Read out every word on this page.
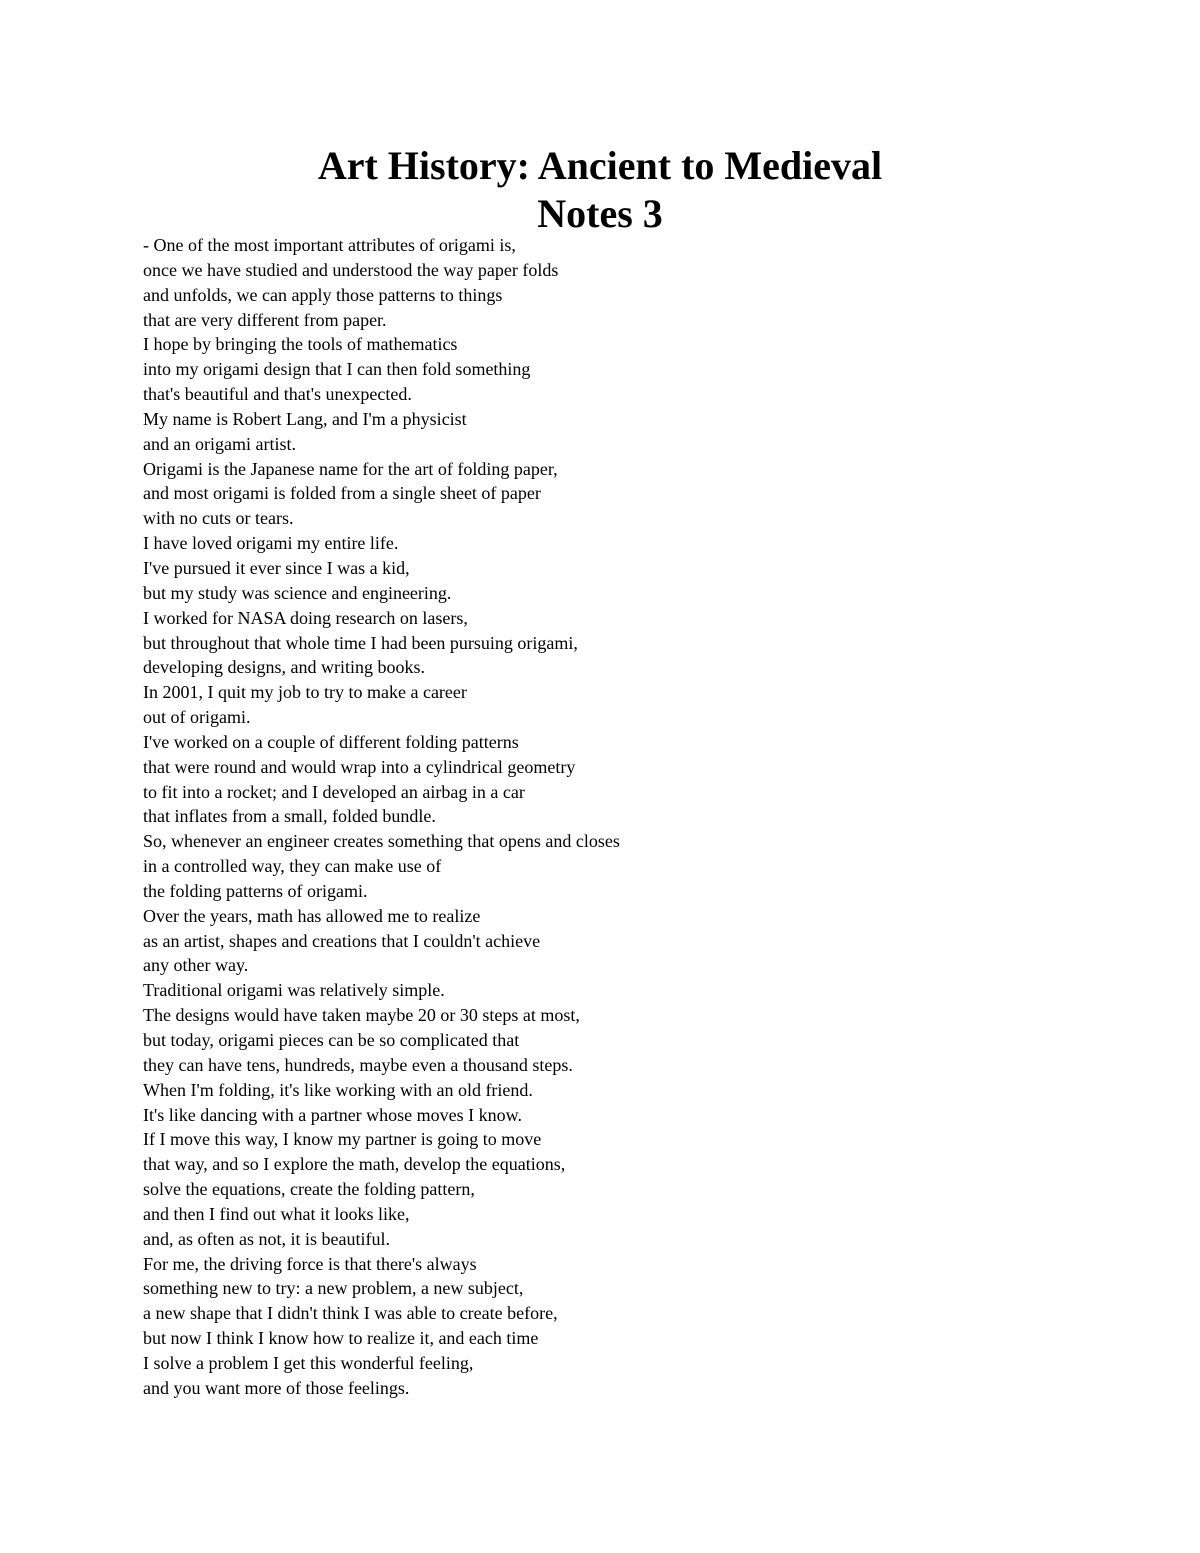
Art History: Ancient to Medieval
Notes 3
- One of the most important attributes of origami is,
once we have studied and understood the way paper folds
and unfolds, we can apply those patterns to things
that are very different from paper.
I hope by bringing the tools of mathematics
into my origami design that I can then fold something
that's beautiful and that's unexpected.
My name is Robert Lang, and I'm a physicist
and an origami artist.
Origami is the Japanese name for the art of folding paper,
and most origami is folded from a single sheet of paper
with no cuts or tears.
I have loved origami my entire life.
I've pursued it ever since I was a kid,
but my study was science and engineering.
I worked for NASA doing research on lasers,
but throughout that whole time I had been pursuing origami,
developing designs, and writing books.
In 2001, I quit my job to try to make a career
out of origami.
I've worked on a couple of different folding patterns
that were round and would wrap into a cylindrical geometry
to fit into a rocket; and I developed an airbag in a car
that inflates from a small, folded bundle.
So, whenever an engineer creates something that opens and closes
in a controlled way, they can make use of
the folding patterns of origami.
Over the years, math has allowed me to realize
as an artist, shapes and creations that I couldn't achieve
any other way.
Traditional origami was relatively simple.
The designs would have taken maybe 20 or 30 steps at most,
but today, origami pieces can be so complicated that
they can have tens, hundreds, maybe even a thousand steps.
When I'm folding, it's like working with an old friend.
It's like dancing with a partner whose moves I know.
If I move this way, I know my partner is going to move
that way, and so I explore the math, develop the equations,
solve the equations, create the folding pattern,
and then I find out what it looks like,
and, as often as not, it is beautiful.
For me, the driving force is that there's always
something new to try: a new problem, a new subject,
a new shape that I didn't think I was able to create before,
but now I think I know how to realize it, and each time
I solve a problem I get this wonderful feeling,
and you want more of those feelings.
